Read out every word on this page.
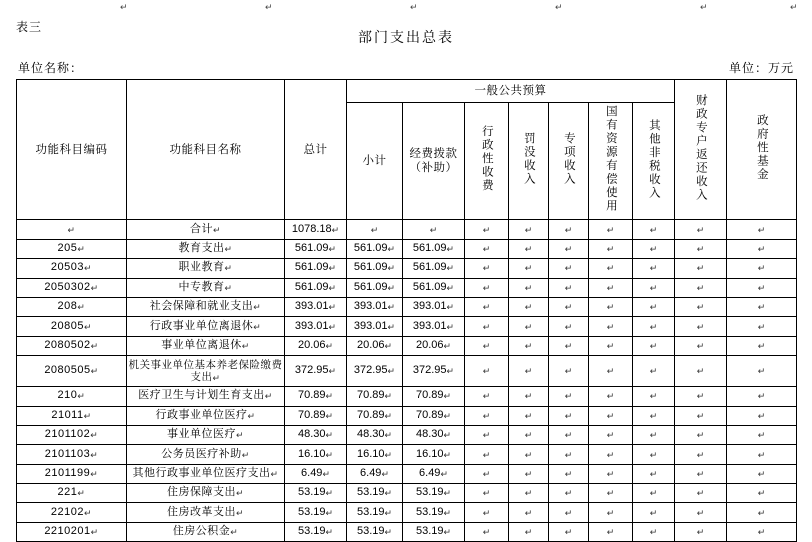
↵	↵	↵	↵	↵	↵
表三
部门支出总表
单位名称：	单位：万元
功能科目编码	功能科目名称	总计	一般公共预算							财政专户返还收入	政府性基金
			小计	经费拨款（补助）	行政性收费	罚没收入	专项收入	国有资源有偿使用	其他非税收入		
↵	合计↵	1078.18↵	↵	↵	↵	↵	↵	↵	↵	↵	↵
205↵	教育支出↵	561.09↵	561.09↵	561.09↵	↵	↵	↵	↵	↵	↵	↵
20503↵	职业教育↵	561.09↵	561.09↵	561.09↵	↵	↵	↵	↵	↵	↵	↵
2050302↵	中专教育↵	561.09↵	561.09↵	561.09↵	↵	↵	↵	↵	↵	↵	↵
208↵	社会保障和就业支出↵	393.01↵	393.01↵	393.01↵	↵	↵	↵	↵	↵	↵	↵
20805↵	行政事业单位离退休↵	393.01↵	393.01↵	393.01↵	↵	↵	↵	↵	↵	↵	↵
2080502↵	事业单位离退休↵	20.06↵	20.06↵	20.06↵	↵	↵	↵	↵	↵	↵	↵
2080505↵	机关事业单位基本养老保险缴费支出↵	372.95↵	372.95↵	372.95↵	↵	↵	↵	↵	↵	↵	↵
210↵	医疗卫生与计划生育支出↵	70.89↵	70.89↵	70.89↵	↵	↵	↵	↵	↵	↵	↵
21011↵	行政事业单位医疗↵	70.89↵	70.89↵	70.89↵	↵	↵	↵	↵	↵	↵	↵
2101102↵	事业单位医疗↵	48.30↵	48.30↵	48.30↵	↵	↵	↵	↵	↵	↵	↵
2101103↵	公务员医疗补助↵	16.10↵	16.10↵	16.10↵	↵	↵	↵	↵	↵	↵	↵
2101199↵	其他行政事业单位医疗支出↵	6.49↵	6.49↵	6.49↵	↵	↵	↵	↵	↵	↵	↵
221↵	住房保障支出↵	53.19↵	53.19↵	53.19↵	↵	↵	↵	↵	↵	↵	↵
22102↵	住房改革支出↵	53.19↵	53.19↵	53.19↵	↵	↵	↵	↵	↵	↵	↵
2210201↵	住房公积金↵	53.19↵	53.19↵	53.19↵	↵	↵	↵	↵	↵	↵	↵
